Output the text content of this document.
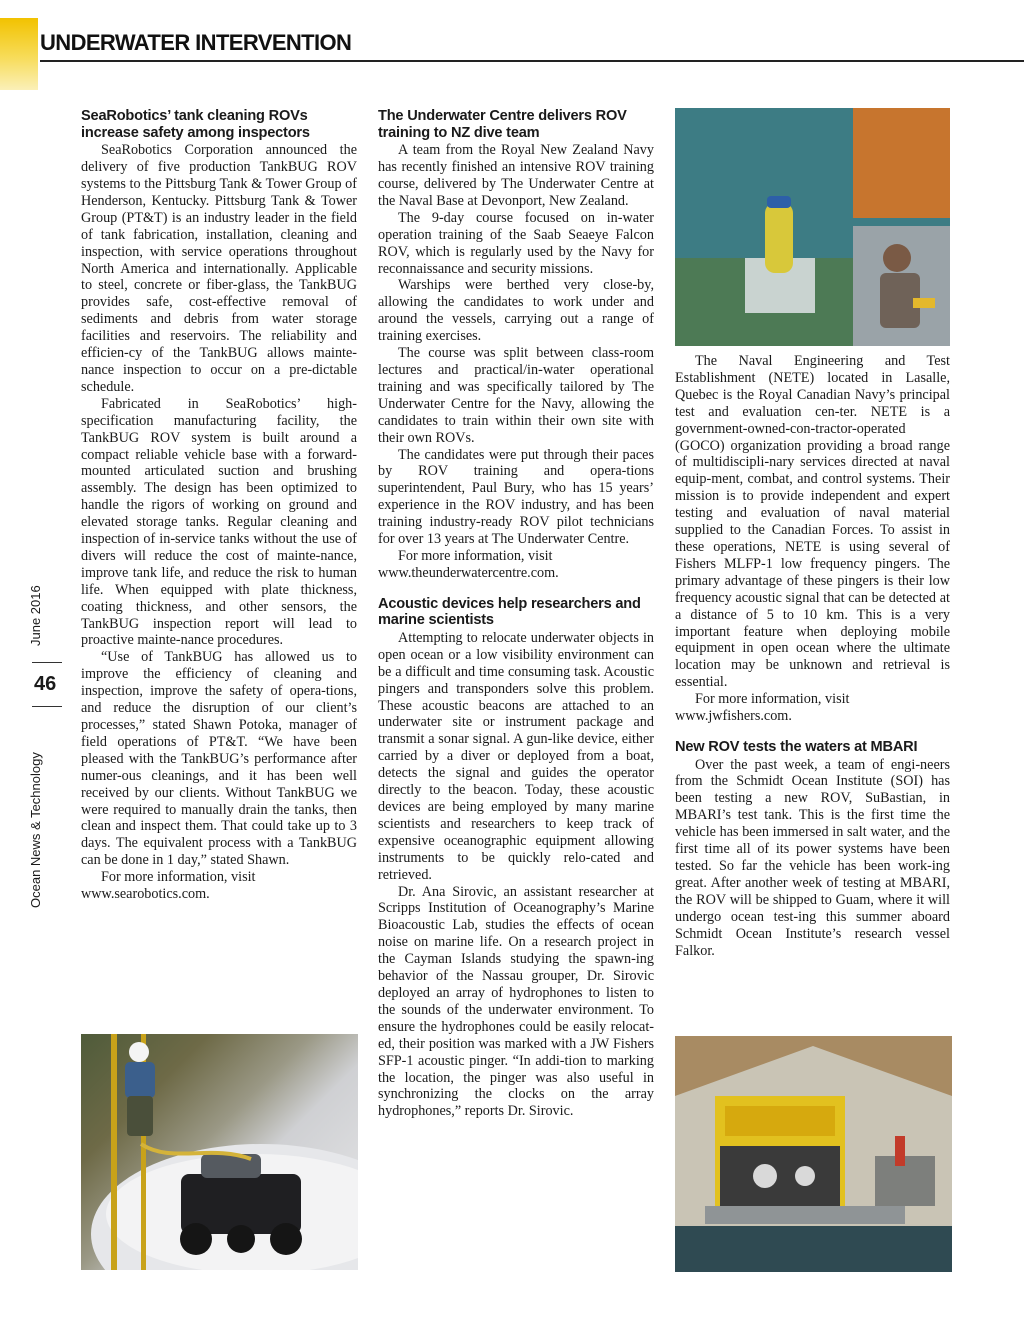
UNDERWATER INTERVENTION
June 2016
46
Ocean News & Technology
SeaRobotics’ tank cleaning ROVs increase safety among inspectors

SeaRobotics Corporation announced the delivery of five production TankBUG ROV systems to the Pittsburg Tank & Tower Group of Henderson, Kentucky. Pittsburg Tank & Tower Group (PT&T) is an industry leader in the field of tank fabrication, installation, cleaning and inspection, with service operations throughout North America and internationally. Applicable to steel, concrete or fiber-glass, the TankBUG provides safe, cost-effective removal of sediments and debris from water storage facilities and reservoirs. The reliability and efficien-cy of the TankBUG allows mainte-nance inspection to occur on a pre-dictable schedule.

Fabricated in SeaRobotics’ high-specification manufacturing facility, the TankBUG ROV system is built around a compact reliable vehicle base with a forward-mounted articulated suction and brushing assembly. The design has been optimized to handle the rigors of working on ground and elevated storage tanks. Regular cleaning and inspection of in-service tanks without the use of divers will reduce the cost of mainte-nance, improve tank life, and reduce the risk to human life. When equipped with plate thickness, coating thickness, and other sensors, the TankBUG inspection report will lead to proactive mainte-nance procedures.

“Use of TankBUG has allowed us to improve the efficiency of cleaning and inspection, improve the safety of opera-tions, and reduce the disruption of our client’s processes,” stated Shawn Potoka, manager of field operations of PT&T. “We have been pleased with the TankBUG’s performance after numer-ous cleanings, and it has been well received by our clients. Without TankBUG we were required to manually drain the tanks, then clean and inspect them. That could take up to 3 days. The equivalent process with a TankBUG can be done in 1 day,” stated Shawn.

For more information, visit

www.searobotics.com.

The Underwater Centre delivers ROV training to NZ dive team

A team from the Royal New Zealand Navy has recently finished an intensive ROV training course, delivered by The Underwater Centre at the Naval Base at Devonport, New Zealand.

The 9-day course focused on in-water operation training of the Saab Seaeye Falcon ROV, which is regularly used by the Navy for reconnaissance and security missions.

Warships were berthed very close-by, allowing the candidates to work under and around the vessels, carrying out a range of training exercises.

The course was split between class-room lectures and practical/in-water operational training and was specifically tailored by The Underwater Centre for the Navy, allowing the candidates to train within their own site with their own ROVs.

The candidates were put through their paces by ROV training and opera-tions superintendent, Paul Bury, who has 15 years’ experience in the ROV industry, and has been training industry-ready ROV pilot technicians for over 13 years at The Underwater Centre.

For more information, visit

www.theunderwatercentre.com.

Acoustic devices help researchers and marine scientists

Attempting to relocate underwater objects in open ocean or a low visibility environment can be a difficult and time consuming task. Acoustic pingers and transponders solve this problem. These acoustic beacons are attached to an underwater site or instrument package and transmit a sonar signal. A gun-like device, either carried by a diver or deployed from a boat, detects the signal and guides the operator directly to the beacon. Today, these acoustic devices are being employed by many marine scientists and researchers to keep track of expensive oceanographic equipment allowing instruments to be quickly relo-cated and retrieved.

Dr. Ana Sirovic, an assistant researcher at Scripps Institution of Oceanography’s Marine Bioacoustic Lab, studies the effects of ocean noise on marine life. On a research project in the Cayman Islands studying the spawn-ing behavior of the Nassau grouper, Dr. Sirovic deployed an array of hydrophones to listen to the sounds of the underwater environment. To ensure the hydrophones could be easily relocat-ed, their position was marked with a JW Fishers SFP-1 acoustic pinger. “In addi-tion to marking the location, the pinger was also useful in synchronizing the clocks on the array hydrophones,” reports Dr. Sirovic.

The Naval Engineering and Test Establishment (NETE) located in Lasalle, Quebec is the Royal Canadian Navy’s principal test and evaluation cen-ter. NETE is a government-owned-con-tractor-operated (GOCO) organization providing a broad range of multidiscipli-nary services directed at naval equip-ment, combat, and control systems. Their mission is to provide independent and expert testing and evaluation of naval material supplied to the Canadian Forces. To assist in these operations, NETE is using several of Fishers MLFP-1 low frequency pingers. The primary advantage of these pingers is their low frequency acoustic signal that can be detected at a distance of 5 to 10 km. This is a very important feature when deploying mobile equipment in open ocean where the ultimate location may be unknown and retrieval is essential.

For more information, visit

www.jwfishers.com.

New ROV tests the waters at MBARI

Over the past week, a team of engi-neers from the Schmidt Ocean Institute (SOI) has been testing a new ROV, SuBastian, in MBARI’s test tank. This is the first time the vehicle has been immersed in salt water, and the first time all of its power systems have been tested. So far the vehicle has been work-ing great. After another week of testing at MBARI, the ROV will be shipped to Guam, where it will undergo ocean test-ing this summer aboard Schmidt Ocean Institute’s research vessel Falkor.
